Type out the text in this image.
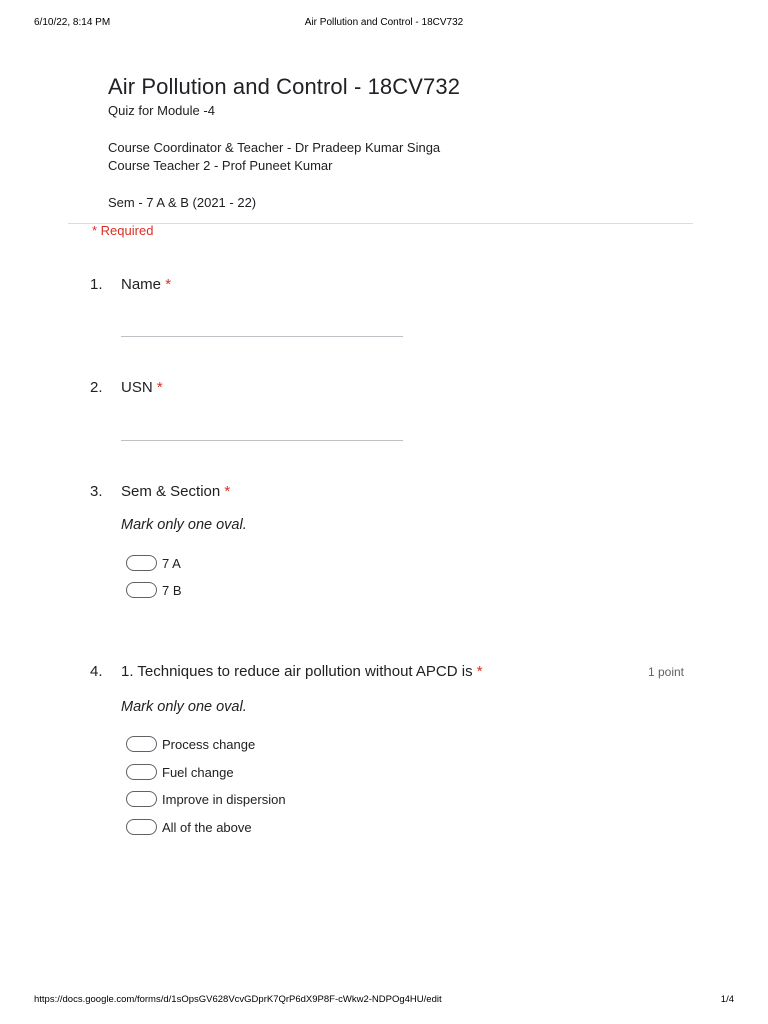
6/10/22, 8:14 PM	Air Pollution and Control - 18CV732
Air Pollution and Control - 18CV732
Quiz for Module -4
Course Coordinator & Teacher - Dr Pradeep Kumar Singa
Course Teacher 2 - Prof Puneet Kumar
Sem - 7 A & B (2021 - 22)
* Required
1. Name *
2. USN *
3. Sem & Section *
Mark only one oval.
7 A
7 B
4. 1. Techniques to reduce air pollution without APCD is *	1 point
Mark only one oval.
Process change
Fuel change
Improve in dispersion
All of the above
https://docs.google.com/forms/d/1sOpsGV628VcvGDprK7QrP6dX9P8F-cWkw2-NDPOg4HU/edit	1/4
